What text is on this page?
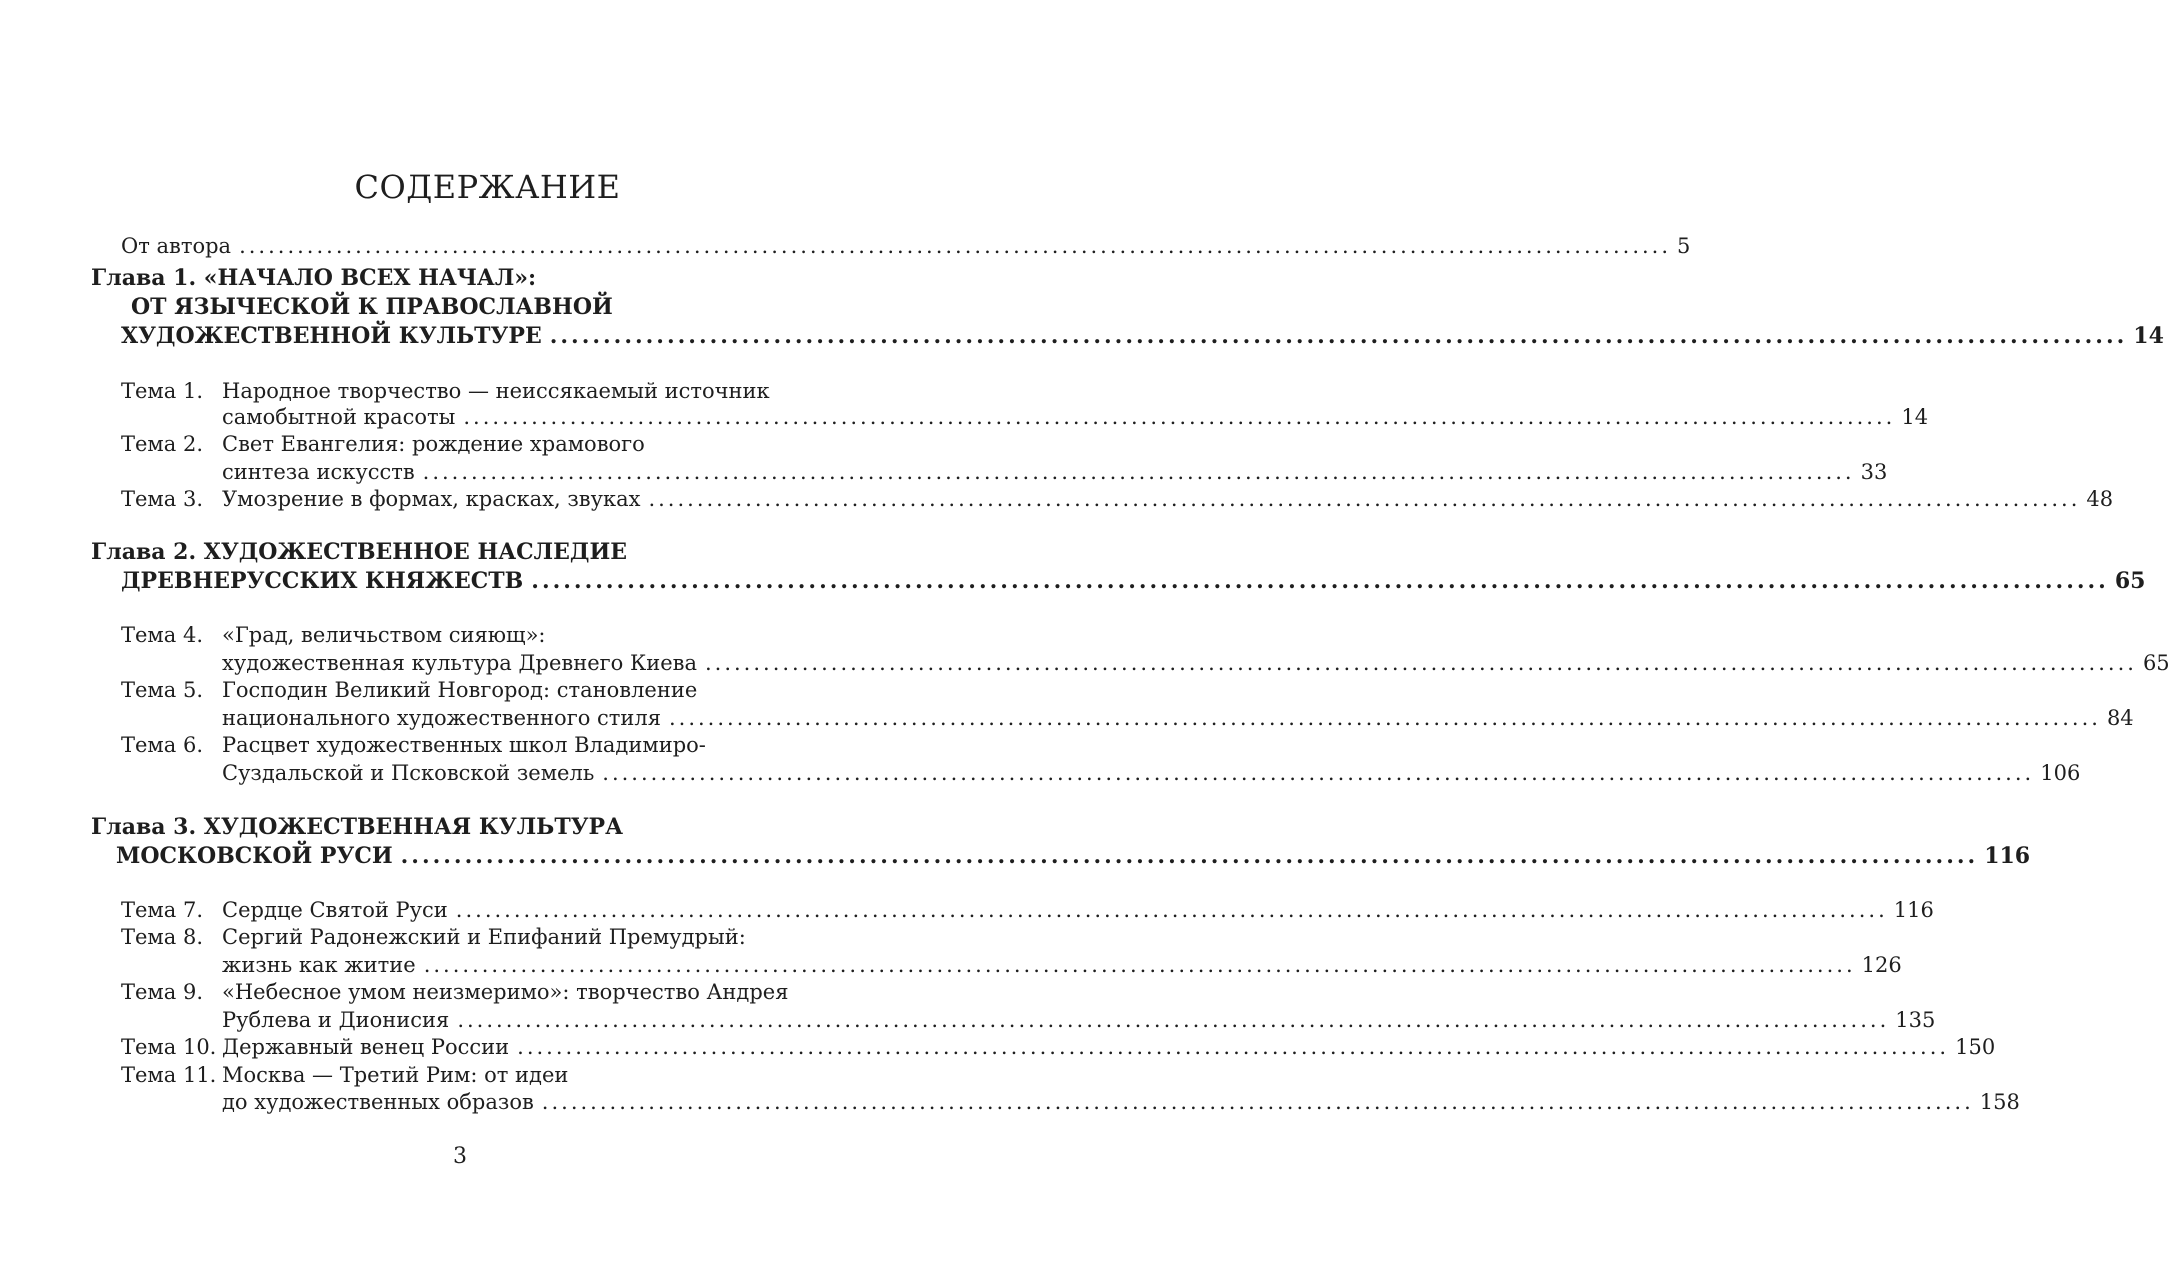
СОДЕРЖАНИЕ
От автора .................................................................................................................................................... 5
Глава 1. «НАЧАЛО ВСЕХ НАЧАЛ»:
ОТ ЯЗЫЧЕСКОЙ К ПРАВОСЛАВНОЙ
ХУДОЖЕСТВЕННОЙ КУЛЬТУРЕ .................................................................................................................................................... 14
Тема 1. Народное творчество — неиссякаемый источник
самобытной красоты .................................................................................................................................................... 14
Тема 2. Свет Евангелия: рождение храмового
синтеза искусств .................................................................................................................................................... 33
Тема 3. Умозрение в формах, красках, звуках .................................................................................................................................................... 48
Глава 2. ХУДОЖЕСТВЕННОЕ НАСЛЕДИЕ
ДРЕВНЕРУССКИХ КНЯЖЕСТВ .................................................................................................................................................... 65
Тема 4. «Град, величьством сияющ»:
художественная культура Древнего Киева .................................................................................................................................................... 65
Тема 5. Господин Великий Новгород: становление
национального художественного стиля .................................................................................................................................................... 84
Тема 6. Расцвет художественных школ Владимиро-
Суздальской и Псковской земель .................................................................................................................................................... 106
Глава 3. ХУДОЖЕСТВЕННАЯ КУЛЬТУРА
МОСКОВСКОЙ РУСИ .................................................................................................................................................... 116
Тема 7. Сердце Святой Руси .................................................................................................................................................... 116
Тема 8. Сергий Радонежский и Епифаний Премудрый:
жизнь как житие .................................................................................................................................................... 126
Тема 9. «Небесное умом неизмеримо»: творчество Андрея
Рублева и Дионисия .................................................................................................................................................... 135
Тема 10. Державный венец России .................................................................................................................................................... 150
Тема 11. Москва — Третий Рим: от идеи
до художественных образов .................................................................................................................................................... 158
3
